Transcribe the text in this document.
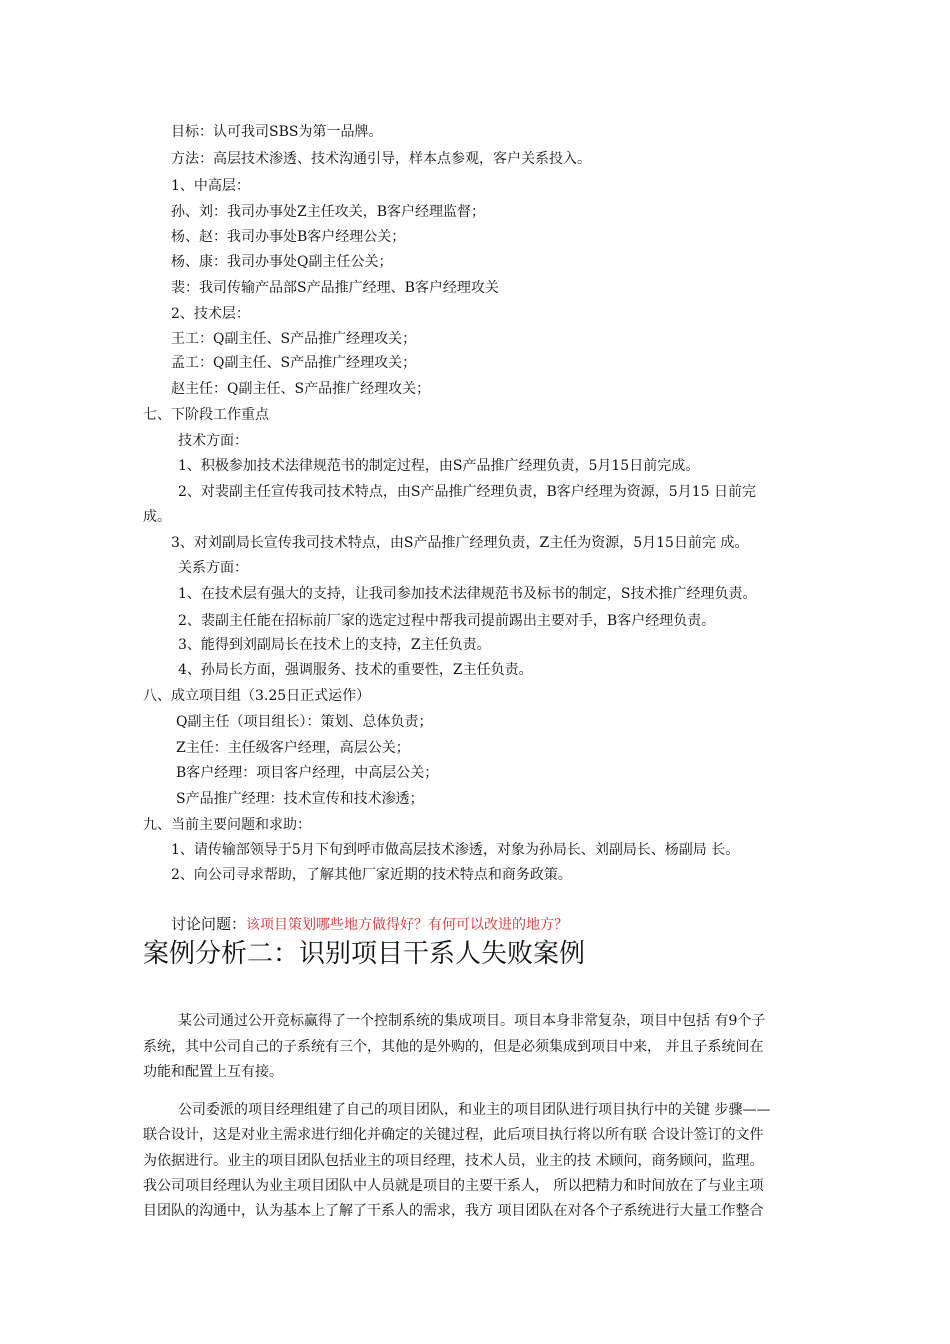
目标：认可我司SBS为第一品牌。
方法：高层技术渗透、技术沟通引导，样本点参观，客户关系投入。
1、中高层：
孙、刘：我司办事处Z主任攻关，B客户经理监督；
杨、赵：我司办事处B客户经理公关；
杨、康：我司办事处Q副主任公关；
裴：我司传输产品部S产品推广经理、B客户经理攻关
2、技术层：
王工：Q副主任、S产品推广经理攻关；
孟工：Q副主任、S产品推广经理攻关；
赵主任：Q副主任、S产品推广经理攻关；
七、下阶段工作重点
技术方面：
1、积极参加技术法律规范书的制定过程，由S产品推广经理负责，5月15日前完成。
2、对裴副主任宣传我司技术特点，由S产品推广经理负责，B客户经理为资源，5月15 日前完
成。
3、对刘副局长宣传我司技术特点，由S产品推广经理负责，Z主任为资源，5月15日前完 成。
关系方面：
1、在技术层有强大的支持，让我司参加技术法律规范书及标书的制定，S技术推广经理负责。
2、裴副主任能在招标前厂家的选定过程中帮我司提前踢出主要对手，B客户经理负责。
3、能得到刘副局长在技术上的支持，Z主任负责。
4、孙局长方面，强调服务、技术的重要性，Z主任负责。
八、成立项目组（3.25日正式运作）
Q副主任（项目组长）：策划、总体负责；
Z主任：主任级客户经理，高层公关；
B客户经理：项目客户经理，中高层公关；
S产品推广经理：技术宣传和技术渗透；
九、当前主要问题和求助：
1、请传输部领导于5月下旬到呼市做高层技术渗透，对象为孙局长、刘副局长、杨副局 长。
2、向公司寻求帮助，了解其他厂家近期的技术特点和商务政策。
讨论问题：该项目策划哪些地方做得好？有何可以改进的地方？
案例分析二：识别项目干系人失败案例
某公司通过公开竞标赢得了一个控制系统的集成项目。项目本身非常复杂，项目中包括 有9个子
系统，其中公司自己的子系统有三个，其他的是外购的，但是必须集成到项目中来， 并且子系统间在
功能和配置上互有接。
公司委派的项目经理组建了自己的项目团队，和业主的项目团队进行项目执行中的关键 步骤——
联合设计，这是对业主需求进行细化并确定的关键过程，此后项目执行将以所有联 合设计签订的文件
为依据进行。业主的项目团队包括业主的项目经理，技术人员，业主的技 术顾问，商务顾问，监理。
我公司项目经理认为业主项目团队中人员就是项目的主要干系人， 所以把精力和时间放在了与业主项
目团队的沟通中，认为基本上了解了干系人的需求，我方 项目团队在对各个子系统进行大量工作整合
